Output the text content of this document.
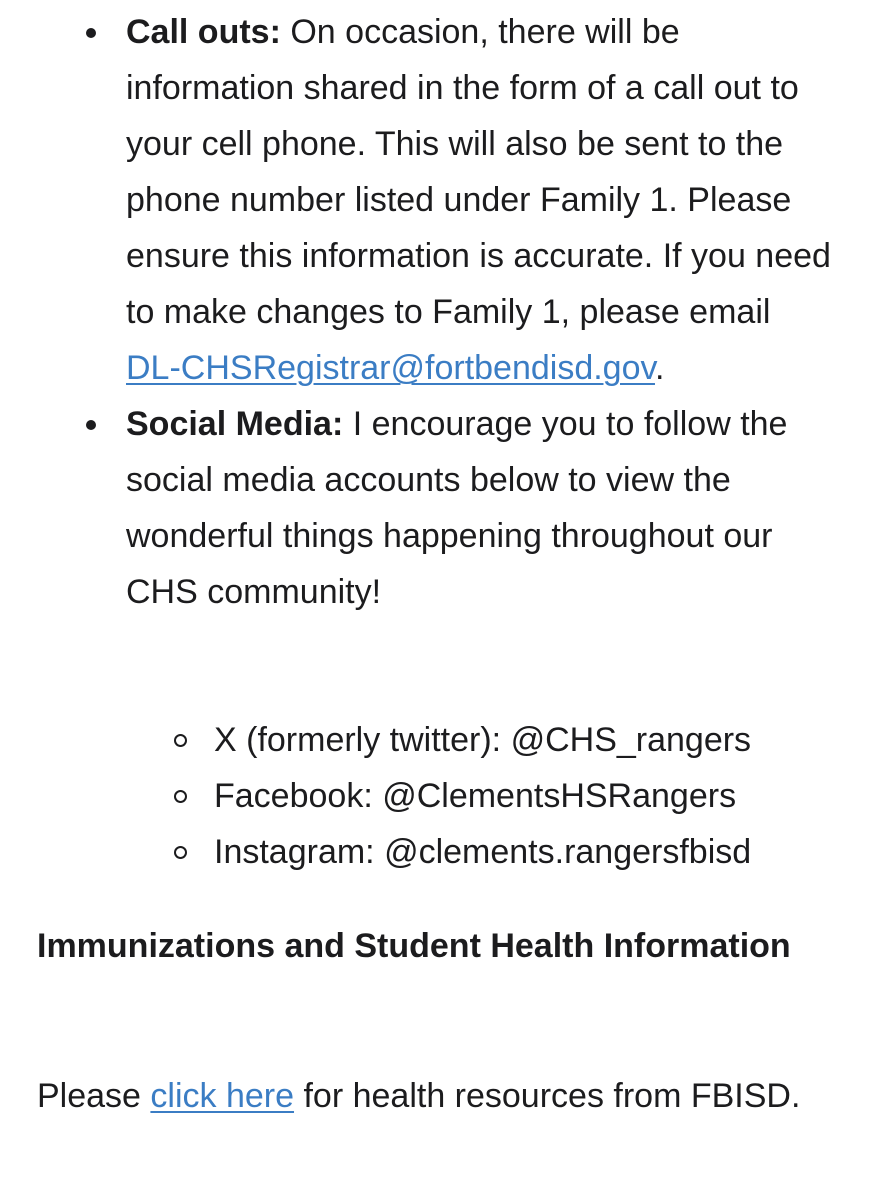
Call outs: On occasion, there will be information shared in the form of a call out to your cell phone. This will also be sent to the phone number listed under Family 1. Please ensure this information is accurate. If you need to make changes to Family 1, please email DL-CHSRegistrar@fortbendisd.gov.
Social Media: I encourage you to follow the social media accounts below to view the wonderful things happening throughout our CHS community!
X (formerly twitter): @CHS_rangers
Facebook: @ClementsHSRangers
Instagram: @clements.rangersfbisd
Immunizations and Student Health Information

Please click here for health resources from FBISD.
